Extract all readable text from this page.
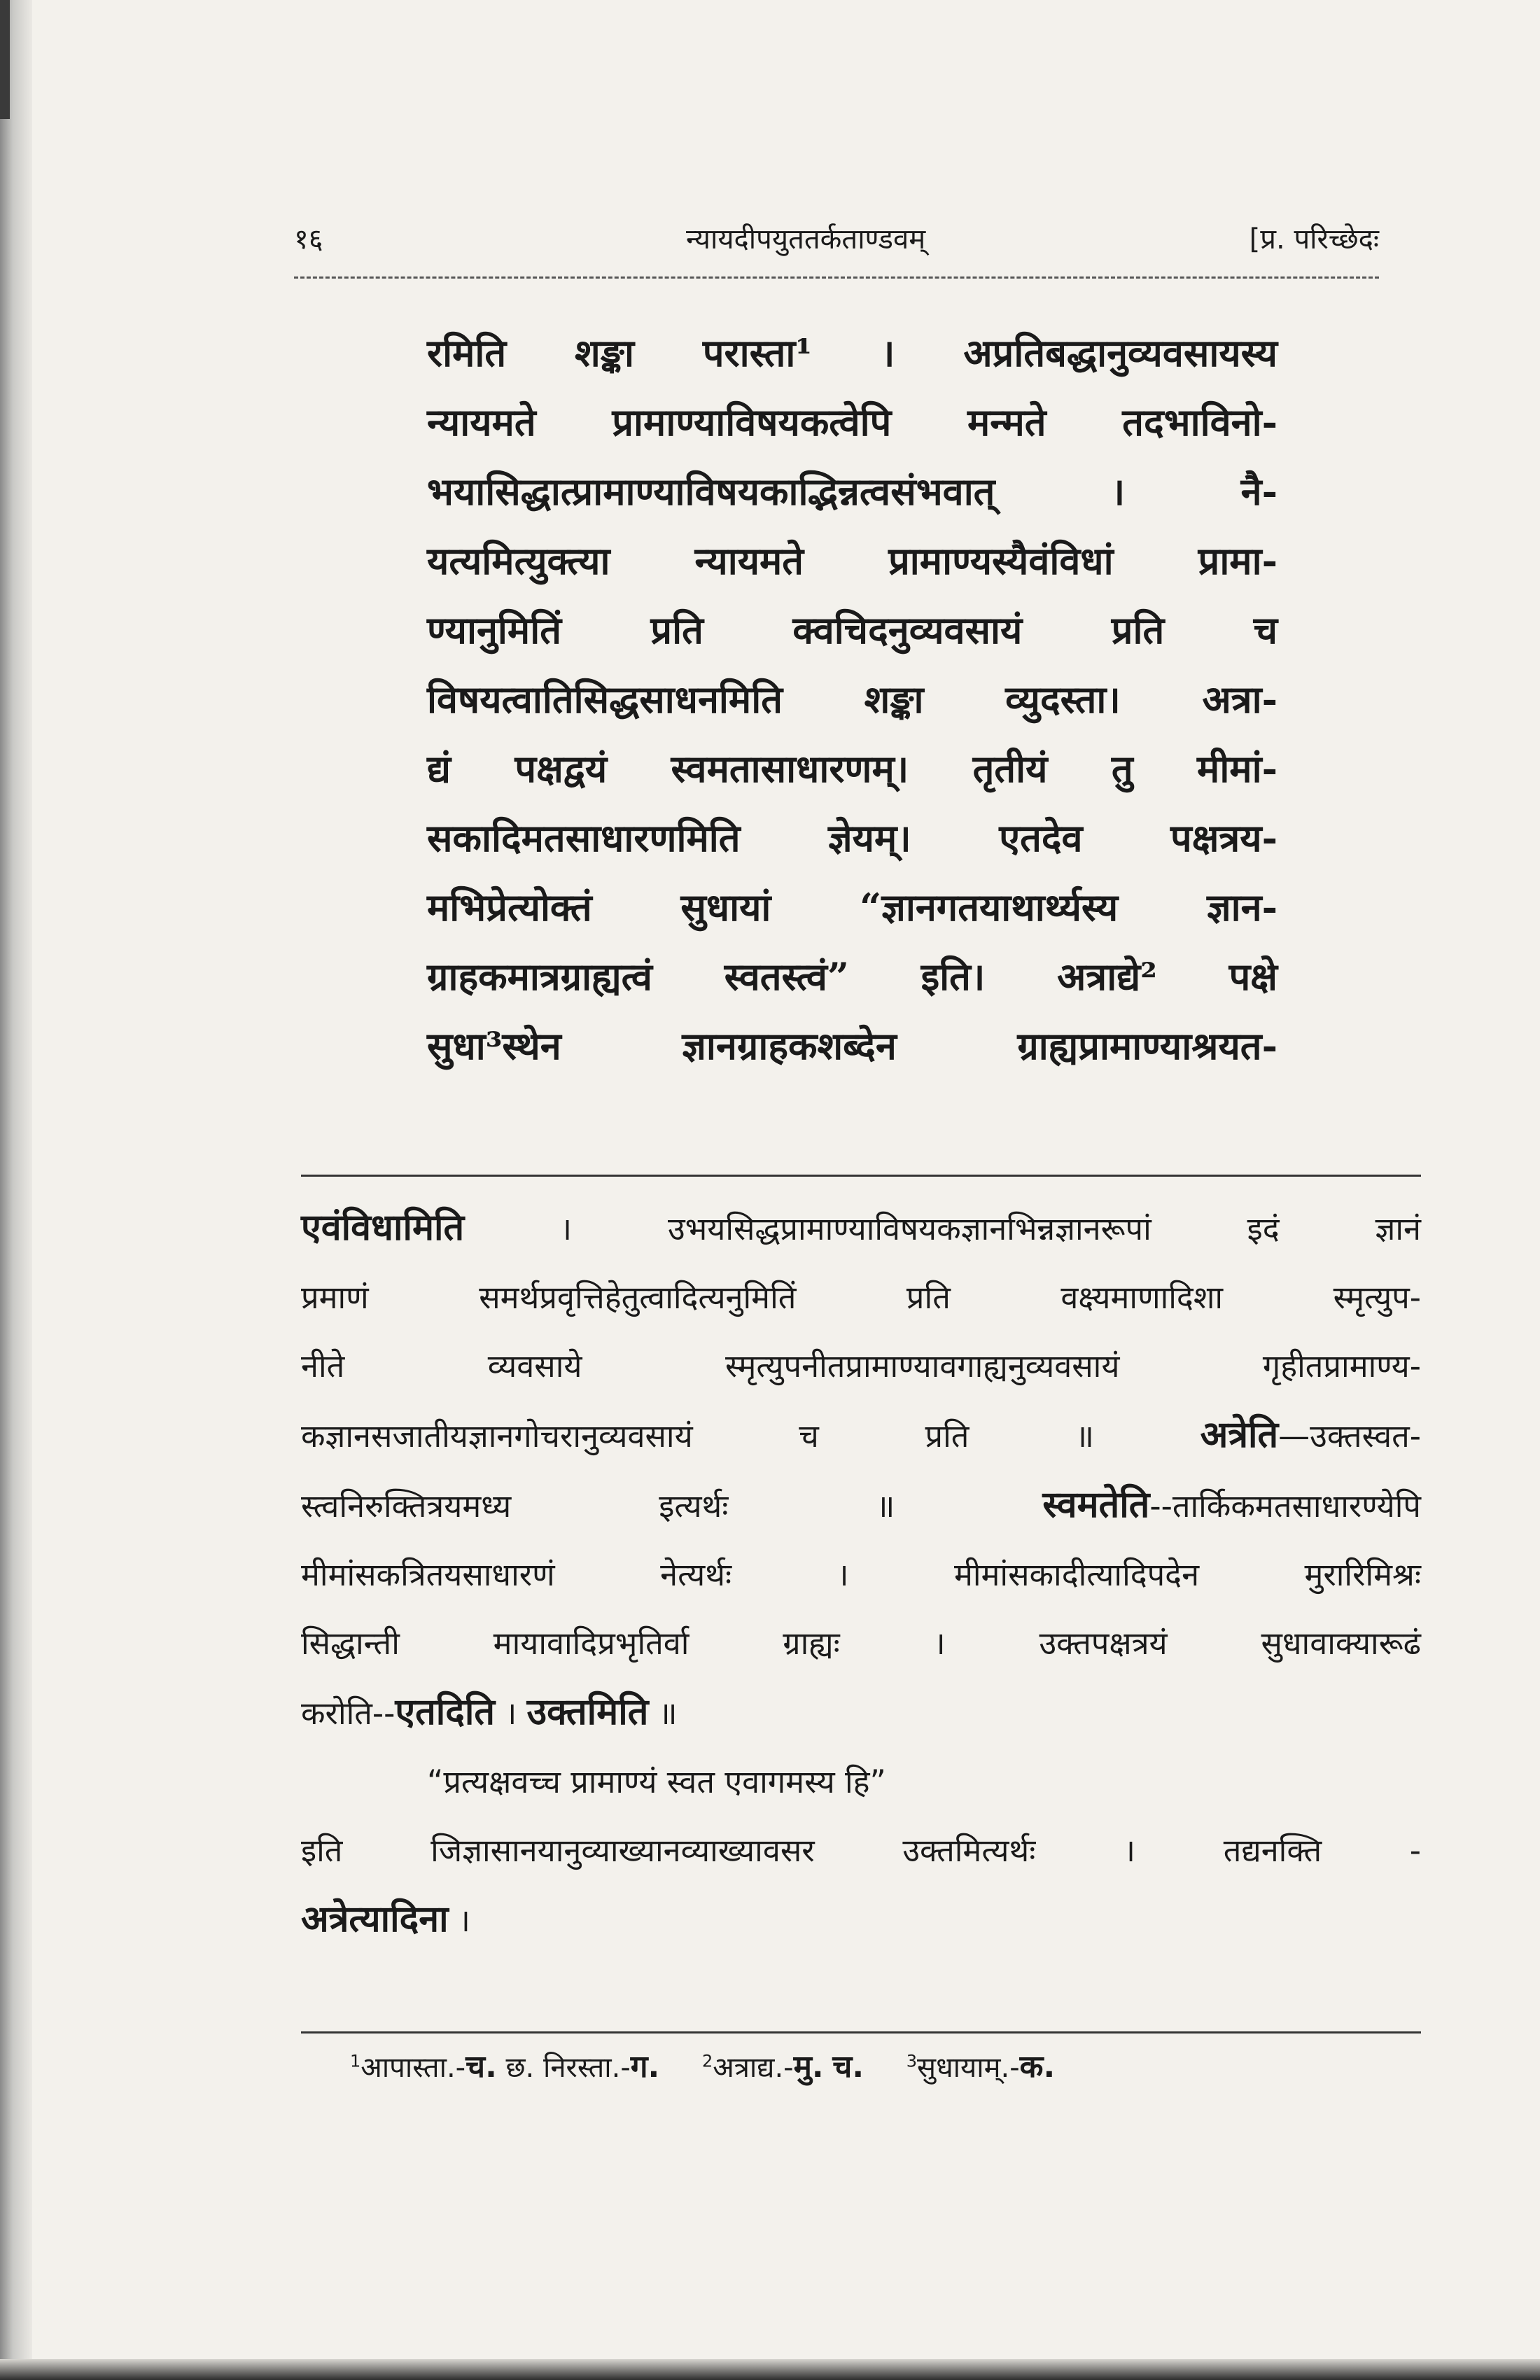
१६	न्यायदीपयुततर्कताण्डवम्	[प्र. परिच्छेदः
रमिति शङ्का परास्ता¹ । अप्रतिबद्धानुव्यवसायस्य
न्यायमते प्रामाण्याविषयकत्वेपि मन्मते तदभाविनो-
भयासिद्धात्प्रामाण्याविषयकाद्भिन्नत्वसंभवात् । नै-
यत्यमित्युक्त्या न्यायमते प्रामाण्यस्यैवंविधां प्रामा-
ण्यानुमितिं प्रति क्वचिदनुव्यवसायं प्रति च
विषयत्वातिसिद्धसाधनमिति शङ्का व्युदस्ता। अत्रा-
द्यं पक्षद्वयं स्वमतासाधारणम्। तृतीयं तु मीमां-
सकादिमतसाधारणमिति ज्ञेयम्। एतदेव पक्षत्रय-
मभिप्रेत्योक्तं सुधायां “ज्ञानगतयाथार्थ्यस्य ज्ञान-
ग्राहकमात्रग्राह्यत्वं स्वतस्त्वं” इति। अत्राद्ये² पक्षे
सुधा³स्थेन ज्ञानग्राहकशब्देन ग्राह्यप्रामाण्याश्रयत-
एवंविधामिति । उभयसिद्धप्रामाण्याविषयकज्ञानभिन्नज्ञानरूपां इदं ज्ञानं
प्रमाणं समर्थप्रवृत्तिहेतुत्वादित्यनुमितिं प्रति वक्ष्यमाणादिशा स्मृत्युप-
नीते व्यवसाये स्मृत्युपनीतप्रामाण्यावगाह्यनुव्यवसायं गृहीतप्रामाण्य-
कज्ञानसजातीयज्ञानगोचरानुव्यवसायं च प्रति ॥ अत्रेति—उक्तस्वत-
स्त्वनिरुक्तित्रयमध्य इत्यर्थः ॥ स्वमतेति--तार्किकमतसाधारण्येपि
मीमांसकत्रितयसाधारणं नेत्यर्थः । मीमांसकादीत्यादिपदेन मुरारिमिश्रः
सिद्धान्ती मायावादिप्रभृतिर्वा ग्राह्यः । उक्तपक्षत्रयं सुधावाक्यारूढं
करोति--एतदिति । उक्तमिति ॥
“प्रत्यक्षवच्च प्रामाण्यं स्वत एवागमस्य हि”
इति जिज्ञासानयानुव्याख्यानव्याख्यावसर उक्तमित्यर्थः । तद्यनक्ति -
अत्रेत्यादिना ।
$^1$आपास्ता.-च. छ. निरस्ता.-ग.	$^2$अत्राद्य.-मु. च.	$^3$सुधायाम्.-क.
